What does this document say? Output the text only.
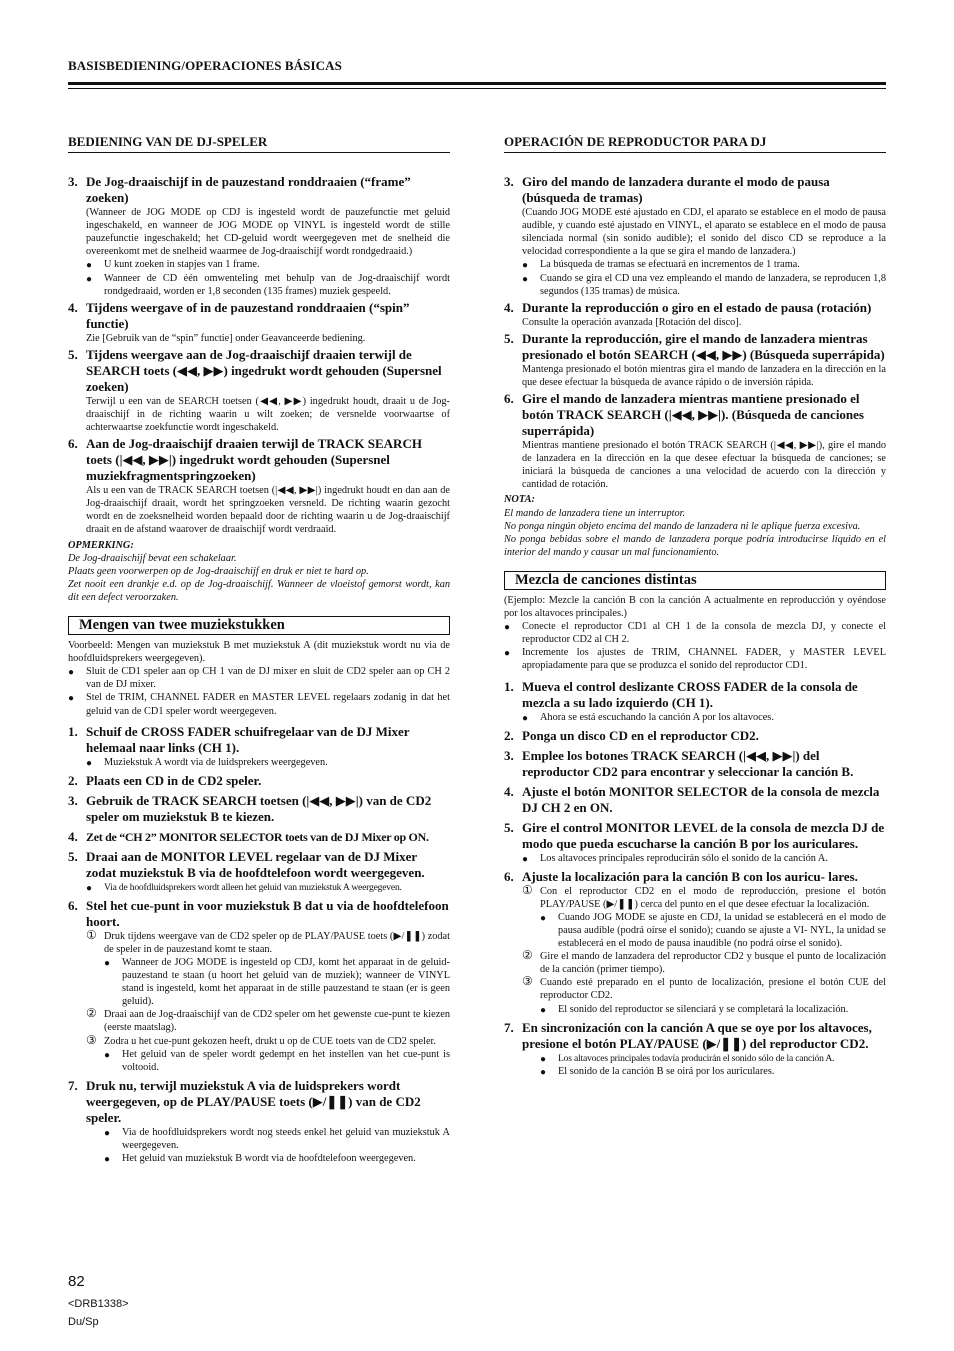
BASISBEDIENING/OPERACIONES BÁSICAS
BEDIENING VAN DE DJ-SPELER
3. De Jog-draaischijf in de pauzestand ronddraaien (“frame” zoeken)
(Wanneer de JOG MODE op CDJ is ingesteld wordt de pauzefunctie met geluid ingeschakeld, en wanneer de JOG MODE op VINYL is ingesteld wordt de stille pauzefunctie ingeschakeld; het CD-geluid wordt weergegeven met de snelheid die overeenkomt met de snelheid waarmee de Jog-draaischijf wordt rondgedraaid.)
● U kunt zoeken in stapjes van 1 frame.
● Wanneer de CD één omwenteling met behulp van de Jog-draaischijf wordt rondgedraaid, worden er 1,8 seconden (135 frames) muziek gespeeld.
4. Tijdens weergave of in de pauzestand ronddraaien (“spin” functie)
Zie [Gebruik van de “spin” functie] onder Geavanceerde bediening.
5. Tijdens weergave aan de Jog-draaischijf draaien terwijl de SEARCH toets (◀◀, ▶▶) ingedrukt wordt gehouden (Supersnel zoeken)
Terwijl u een van de SEARCH toetsen (◀◀, ▶▶) ingedrukt houdt, draait u de Jog-draaischijf in de richting waarin u wilt zoeken; de versnelde voorwaartse of achterwaartse zoekfunctie wordt ingeschakeld.
6. Aan de Jog-draaischijf draaien terwijl de TRACK SEARCH toets (|◀◀, ▶▶|) ingedrukt wordt gehouden (Supersnel muziekfragmentspringzoeken)
Als u een van de TRACK SEARCH toetsen (|◀◀, ▶▶|) ingedrukt houdt en dan aan de Jog-draaischijf draait, wordt het springzoeken versneld. De richting waarin gezocht wordt en de zoeksnelheid worden bepaald door de richting waarin u de Jog-draaischijf draait en de afstand waarover de draaischijf wordt verdraaid.
OPMERKING:
De Jog-draaischijf bevat een schakelaar.
Plaats geen voorwerpen op de Jog-draaischijf en druk er niet te hard op.
Zet nooit een drankje e.d. op de Jog-draaischijf. Wanneer de vloeistof gemorst wordt, kan dit een defect veroorzaken.
Mengen van twee muziekstukken
Voorbeeld: Mengen van muziekstuk B met muziekstuk A (dit muziekstuk wordt nu via de hoofdluidsprekers weergegeven).
● Sluit de CD1 speler aan op CH 1 van de DJ mixer en sluit de CD2 speler aan op CH 2 van de DJ mixer.
● Stel de TRIM, CHANNEL FADER en MASTER LEVEL regelaars zodanig in dat het geluid van de CD1 speler wordt weergegeven.
1. Schuif de CROSS FADER schuifregelaar van de DJ Mixer helemaal naar links (CH 1).
● Muziekstuk A wordt via de luidsprekers weergegeven.
2. Plaats een CD in de CD2 speler.
3. Gebruik de TRACK SEARCH toetsen (|◀◀, ▶▶|) van de CD2 speler om muziekstuk B te kiezen.
4. Zet de “CH 2” MONITOR SELECTOR toets van de DJ Mixer op ON.
5. Draai aan de MONITOR LEVEL regelaar van de DJ Mixer zodat muziekstuk B via de hoofdtelefoon wordt weergegeven.
● Via de hoofdluidsprekers wordt alleen het geluid van muziekstuk A weergegeven.
6. Stel het cue-punt in voor muziekstuk B dat u via de hoofdtelefoon hoort.
① Druk tijdens weergave van de CD2 speler op de PLAY/PAUSE toets (▶/❚❚) zodat de speler in de pauzestand komt te staan.
● Wanneer de JOG MODE is ingesteld op CDJ, komt het apparaat in de geluid-pauzestand te staan (u hoort het geluid van de muziek); wanneer de VINYL stand is ingesteld, komt het apparaat in de stille pauzestand te staan (er is geen geluid).
② Draai aan de Jog-draaischijf van de CD2 speler om het gewenste cue-punt te kiezen (eerste maatslag).
③ Zodra u het cue-punt gekozen heeft, drukt u op de CUE toets van de CD2 speler.
● Het geluid van de speler wordt gedempt en het instellen van het cue-punt is voltooid.
7. Druk nu, terwijl muziekstuk A via de luidsprekers wordt weergegeven, op de PLAY/PAUSE toets (▶/❚❚) van de CD2 speler.
● Via de hoofdluidsprekers wordt nog steeds enkel het geluid van muziekstuk A weergegeven.
● Het geluid van muziekstuk B wordt via de hoofdtelefoon weergegeven.
OPERACIÓN DE REPRODUCTOR PARA DJ
3. Giro del mando de lanzadera durante el modo de pausa (búsqueda de tramas)
(Cuando JOG MODE esté ajustado en CDJ, el aparato se establece en el modo de pausa audible, y cuando esté ajustado en VINYL, el aparato se establece en el modo de pausa silenciada normal (sin sonido audible); el sonido del disco CD se reproduce a la velocidad correspondiente a la que se gira el mando de lanzadera.)
● La búsqueda de tramas se efectuará en incrementos de 1 trama.
● Cuando se gira el CD una vez empleando el mando de lanzadera, se reproducen 1,8 segundos (135 tramas) de música.
4. Durante la reproducción o giro en el estado de pausa (rotación)
Consulte la operación avanzada [Rotación del disco].
5. Durante la reproducción, gire el mando de lanzadera mientras presionado el botón SEARCH (◀◀, ▶▶) (Búsqueda superrápida)
Mantenga presionado el botón mientras gira el mando de lanzadera en la dirección en la que desee efectuar la búsqueda de avance rápido o de inversión rápida.
6. Gire el mando de lanzadera mientras mantiene presionado el botón TRACK SEARCH (|◀◀, ▶▶|). (Búsqueda de canciones superrápida)
Mientras mantiene presionado el botón TRACK SEARCH (|◀◀, ▶▶|), gire el mando de lanzadera en la dirección en la que desee efectuar la búsqueda de canciones; se iniciará la búsqueda de canciones a una velocidad de acuerdo con la dirección y cantidad de rotación.
NOTA:
El mando de lanzadera tiene un interruptor.
No ponga ningún objeto encima del mando de lanzadera ni le aplique fuerza excesiva.
No ponga bebidas sobre el mando de lanzadera porque podría introducirse líquido en el interior del mando y causar un mal funcionamiento.
Mezcla de canciones distintas
(Ejemplo: Mezcle la canción B con la canción A actualmente en reproducción y oyéndose por los altavoces principales.)
● Conecte el reproductor CD1 al CH 1 de la consola de mezcla DJ, y conecte el reproductor CD2 al CH 2.
● Incremente los ajustes de TRIM, CHANNEL FADER, y MASTER LEVEL apropiadamente para que se produzca el sonido del reproductor CD1.
1. Mueva el control deslizante CROSS FADER de la consola de mezcla a su lado izquierdo (CH 1).
● Ahora se está escuchando la canción A por los altavoces.
2. Ponga un disco CD en el reproductor CD2.
3. Emplee los botones TRACK SEARCH (|◀◀, ▶▶|) del reproductor CD2 para encontrar y seleccionar la canción B.
4. Ajuste el botón MONITOR SELECTOR de la consola de mezcla DJ CH 2 en ON.
5. Gire el control MONITOR LEVEL de la consola de mezcla DJ de modo que pueda escucharse la canción B por los auriculares.
● Los altavoces principales reproducirán sólo el sonido de la canción A.
6. Ajuste la localización para la canción B con los auricu- lares.
① Con el reproductor CD2 en el modo de reproducción, presione el botón PLAY/PAUSE (▶/❚❚) cerca del punto en el que desee efectuar la localización.
● Cuando JOG MODE se ajuste en CDJ, la unidad se establecerá en el modo de pausa audible (podrá oírse el sonido); cuando se ajuste a VI- NYL, la unidad se establecerá en el modo de pausa inaudible (no podrá oírse el sonido).
② Gire el mando de lanzadera del reproductor CD2 y busque el punto de localización de la canción (primer tiempo).
③ Cuando esté preparado en el punto de localización, presione el botón CUE del reproductor CD2.
● El sonido del reproductor se silenciará y se completará la localización.
7. En sincronización con la canción A que se oye por los altavoces, presione el botón PLAY/PAUSE (▶/❚❚) del reproductor CD2.
● Los altavoces principales todavía producirán el sonido sólo de la canción A.
● El sonido de la canción B se oirá por los auriculares.
82
<DRB1338>
Du/Sp
